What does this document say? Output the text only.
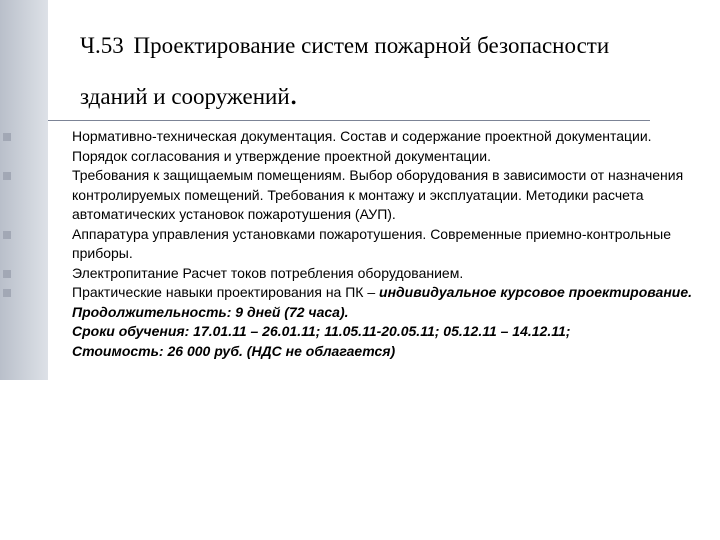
Ч.53 Проектирование систем пожарной безопасности
зданий и сооружений.
Нормативно-техническая документация. Состав и содержание проектной документации. Порядок согласования и утверждение проектной документации.
Требования к защищаемым помещениям. Выбор оборудования в зависимости от назначения контролируемых помещений. Требования к монтажу и эксплуатации. Методики расчета автоматических установок пожаротушения (АУП).
Аппаратура управления установками пожаротушения. Современные приемно-контрольные приборы.
Электропитание Расчет токов потребления оборудованием.
Практические навыки проектирования на ПК – индивидуальное курсовое проектирование.
Продолжительность: 9 дней (72 часа).
Сроки обучения: 17.01.11 – 26.01.11; 11.05.11-20.05.11; 05.12.11 – 14.12.11;
Стоимость: 26 000 руб. (НДС не облагается)
